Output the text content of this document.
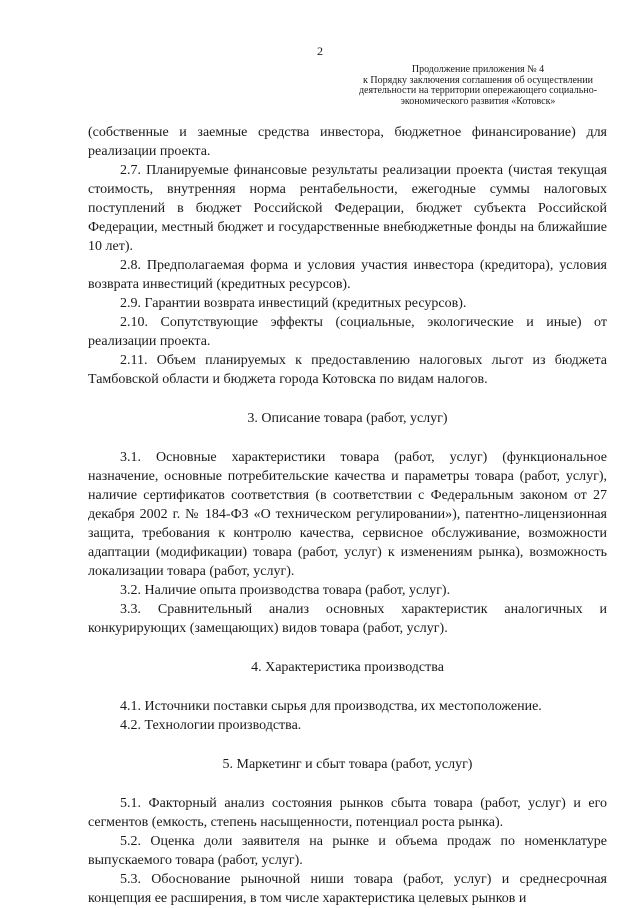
2
Продолжение приложения № 4
к Порядку заключения соглашения об осуществлении
деятельности на территории опережающего социально-
экономического развития «Котовск»

(собственные и заемные средства инвестора, бюджетное финансирование) для реализации проекта.

2.7. Планируемые финансовые результаты реализации проекта (чистая текущая стоимость, внутренняя норма рентабельности, ежегодные суммы налоговых поступлений в бюджет Российской Федерации, бюджет субъекта Российской Федерации, местный бюджет и государственные внебюджетные фонды на ближайшие 10 лет).

2.8. Предполагаемая форма и условия участия инвестора (кредитора), условия возврата инвестиций (кредитных ресурсов).

2.9. Гарантии возврата инвестиций (кредитных ресурсов).

2.10. Сопутствующие эффекты (социальные, экологические и иные) от реализации проекта.

2.11. Объем планируемых к предоставлению налоговых льгот из бюджета Тамбовской области и бюджета города Котовска по видам налогов.

3. Описание товара (работ, услуг)

3.1. Основные характеристики товара (работ, услуг) (функциональное назначение, основные потребительские качества и параметры товара (работ, услуг), наличие сертификатов соответствия (в соответствии с Федеральным законом от 27 декабря 2002 г. № 184-ФЗ «О техническом регулировании»), патентно-лицензионная защита, требования к контролю качества, сервисное обслуживание, возможности адаптации (модификации) товара (работ, услуг) к изменениям рынка), возможность локализации товара (работ, услуг).

3.2. Наличие опыта производства товара (работ, услуг).

3.3. Сравнительный анализ основных характеристик аналогичных и конкурирующих (замещающих) видов товара (работ, услуг).

4. Характеристика производства

4.1. Источники поставки сырья для производства, их местоположение.

4.2. Технологии производства.

5. Маркетинг и сбыт товара (работ, услуг)

5.1. Факторный анализ состояния рынков сбыта товара (работ, услуг) и его сегментов (емкость, степень насыщенности, потенциал роста рынка).

5.2. Оценка доли заявителя на рынке и объема продаж по номенклатуре выпускаемого товара (работ, услуг).

5.3. Обоснование рыночной ниши товара (работ, услуг) и среднесрочная концепция ее расширения, в том числе характеристика целевых рынков и
